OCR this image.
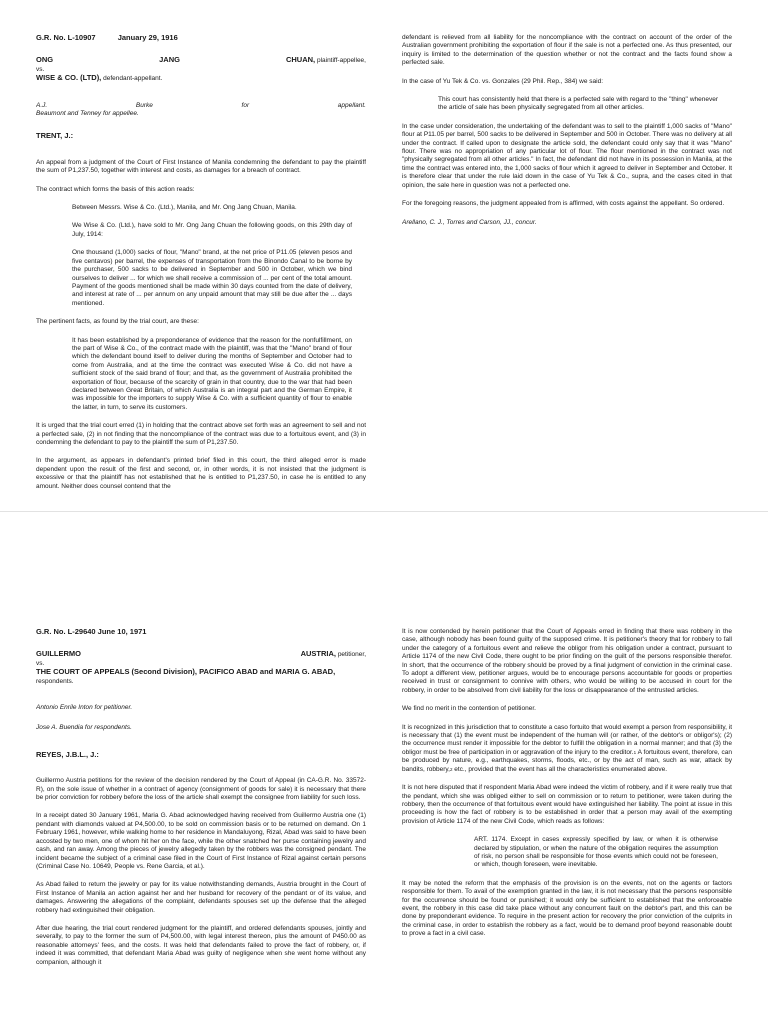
G.R. No. L-10907	January 29, 1916
ONG	JANG	CHUAN, plaintiff-appellee,
vs.
WISE & CO. (LTD), defendant-appellant.
A.J.	Burke	for	appellant.
Beaumont and Tenney for appellee.
TRENT, J.:

An appeal from a judgment of the Court of First Instance of Manila condemning the defendant to pay the plaintiff the sum of P1,237.50, together with interest and costs, as damages for a breach of contract.

The contract which forms the basis of this action reads:

Between Messrs. Wise & Co. (Ltd.), Manila, and Mr. Ong Jang Chuan, Manila.

We Wise & Co. (Ltd.), have sold to Mr. Ong Jang Chuan the following goods, on this 29th day of July, 1914:

One thousand (1,000) sacks of flour, "Mano" brand, at the net price of P11.05 (eleven pesos and five centavos) per barrel, the expenses of transportation from the Binondo Canal to be borne by the purchaser, 500 sacks to be delivered in September and 500 in October, which we bind ourselves to deliver ... for which we shall receive a commission of ... per cent of the total amount. Payment of the goods mentioned shall be made within 30 days counted from the date of delivery, and interest at rate of ... per annum on any unpaid amount that may still be due after the ... days mentioned.

The pertinent facts, as found by the trial court, are these:

It has been established by a preponderance of evidence that the reason for the nonfulfillment, on the part of Wise & Co., of the contract made with the plaintiff, was that the "Mano" brand of flour which the defendant bound itself to deliver during the months of September and October had to come from Australia, and at the time the contract was executed Wise & Co. did not have a sufficient stock of the said brand of flour; and that, as the government of Australia prohibited the exportation of flour, because of the scarcity of grain in that country, due to the war that had been declared between Great Britain, of which Australia is an integral part and the German Empire, it was impossible for the importers to supply Wise & Co. with a sufficient quantity of flour to enable the latter, in turn, to serve its customers.

It is urged that the trial court erred (1) in holding that the contract above set forth was an agreement to sell and not a perfected sale, (2) in not finding that the noncompliance of the contract was due to a fortuitous event, and (3) in condemning the defendant to pay to the plaintiff the sum of P1,237.50.

In the argument, as appears in defendant's printed brief filed in this court, the third alleged error is made dependent upon the result of the first and second, or, in other words, it is not insisted that the judgment is excessive or that the plaintiff has not established that he is entitled to P1,237.50, in case he is entitled to any amount. Neither does counsel contend that the

defendant is relieved from all liability for the noncompliance with the contract on account of the order of the Australian government prohibiting the exportation of flour if the sale is not a perfected one. As thus presented, our inquiry is limited to the determination of the question whether or not the contract and the facts found show a perfected sale.

In the case of Yu Tek & Co. vs. Gonzales (29 Phil. Rep., 384) we said:

This court has consistently held that there is a perfected sale with regard to the "thing" whenever the article of sale has been physically segregated from all other articles.

In the case under consideration, the undertaking of the defendant was to sell to the plaintiff 1,000 sacks of "Mano" flour at P11.05 per barrel, 500 sacks to be delivered in September and 500 in October. There was no delivery at all under the contract. If called upon to designate the article sold, the defendant could only say that it was "Mano" flour. There was no appropriation of any particular lot of flour. The flour mentioned in the contract was not "physically segregated from all other articles." In fact, the defendant did not have in its possession in Manila, at the time the contract was entered into, the 1,000 sacks of flour which it agreed to deliver in September and October. It is therefore clear that under the rule laid down in the case of Yu Tek & Co., supra, and the cases cited in that opinion, the sale here in question was not a perfected one.

For the foregoing reasons, the judgment appealed from is affirmed, with costs against the appellant. So ordered.

Arellano, C. J., Torres and Carson, JJ., concur.

G.R. No. L-29640 June 10, 1971
GUILLERMO	AUSTRIA, petitioner,
vs.
THE COURT OF APPEALS (Second Division), PACIFICO ABAD and MARIA G. ABAD, respondents.
Antonio Enrile Inton for petitioner.
Jose A. Buendia for respondents.
REYES, J.B.L., J.:

Guillermo Austria petitions for the review of the decision rendered by the Court of Appeal (in CA-G.R. No. 33572-R), on the sole issue of whether in a contract of agency (consignment of goods for sale) it is necessary that there be prior conviction for robbery before the loss of the article shall exempt the consignee from liability for such loss.

In a receipt dated 30 January 1961, Maria G. Abad acknowledged having received from Guillermo Austria one (1) pendant with diamonds valued at P4,500.00, to be sold on commission basis or to be returned on demand. On 1 February 1961, however, while walking home to her residence in Mandaluyong, Rizal, Abad was said to have been accosted by two men, one of whom hit her on the face, while the other snatched her purse containing jewelry and cash, and ran away. Among the pieces of jewelry allegedly taken by the robbers was the consigned pendant. The incident became the subject of a criminal case filed in the Court of First Instance of Rizal against certain persons (Criminal Case No. 10649, People vs. Rene Garcia, et al.).

As Abad failed to return the jewelry or pay for its value notwithstanding demands, Austria brought in the Court of First Instance of Manila an action against her and her husband for recovery of the pendant or of its value, and damages. Answering the allegations of the complaint, defendants spouses set up the defense that the alleged robbery had extinguished their obligation.

After due hearing, the trial court rendered judgment for the plaintiff, and ordered defendants spouses, jointly and severally, to pay to the former the sum of P4,500.00, with legal interest thereon, plus the amount of P450.00 as reasonable attorneys' fees, and the costs. It was held that defendants failed to prove the fact of robbery, or, if indeed it was committed, that defendant Maria Abad was guilty of negligence when she went home without any companion, although it

It is now contended by herein petitioner that the Court of Appeals erred in finding that there was robbery in the case, although nobody has been found guilty of the supposed crime. It is petitioner's theory that for robbery to fall under the category of a fortuitous event and relieve the obligor from his obligation under a contract, pursuant to Article 1174 of the new Civil Code, there ought to be prior finding on the guilt of the persons responsible therefor. In short, that the occurrence of the robbery should be proved by a final judgment of conviction in the criminal case. To adopt a different view, petitioner argues, would be to encourage persons accountable for goods or properties received in trust or consignment to connive with others, who would be willing to be accused in court for the robbery, in order to be absolved from civil liability for the loss or disappearance of the entrusted articles.

We find no merit in the contention of petitioner.

It is recognized in this jurisdiction that to constitute a caso fortuito that would exempt a person from responsibility, it is necessary that (1) the event must be independent of the human will (or rather, of the debtor's or obligor's); (2) the occurrence must render it impossible for the debtor to fulfill the obligation in a normal manner; and that (3) the obligor must be free of participation in or aggravation of the injury to the creditor.$^1$ A fortuitous event, therefore, can be produced by nature, e.g., earthquakes, storms, floods, etc., or by the act of man, such as war, attack by bandits, robbery,$^2$ etc., provided that the event has all the characteristics enumerated above.

It is not here disputed that if respondent Maria Abad were indeed the victim of robbery, and if it were really true that the pendant, which she was obliged either to sell on commission or to return to petitioner, were taken during the robbery, then the occurrence of that fortuitous event would have extinguished her liability. The point at issue in this proceeding is how the fact of robbery is to be established in order that a person may avail of the exempting provision of Article 1174 of the new Civil Code, which reads as follows:

ART. 1174. Except in cases expressly specified by law, or when it is otherwise declared by stipulation, or when the nature of the obligation requires the assumption of risk, no person shall be responsible for those events which could not be foreseen, or which, though foreseen, were inevitable.

It may be noted the reform that the emphasis of the provision is on the events, not on the agents or factors responsible for them. To avail of the exemption granted in the law, it is not necessary that the persons responsible for the occurrence should be found or punished; it would only be sufficient to established that the enforceable event, the robbery in this case did take place without any concurrent fault on the debtor's part, and this can be done by preponderant evidence. To require in the present action for recovery the prior conviction of the culprits in the criminal case, in order to establish the robbery as a fact, would be to demand proof beyond reasonable doubt to prove a fact in a civil case.
